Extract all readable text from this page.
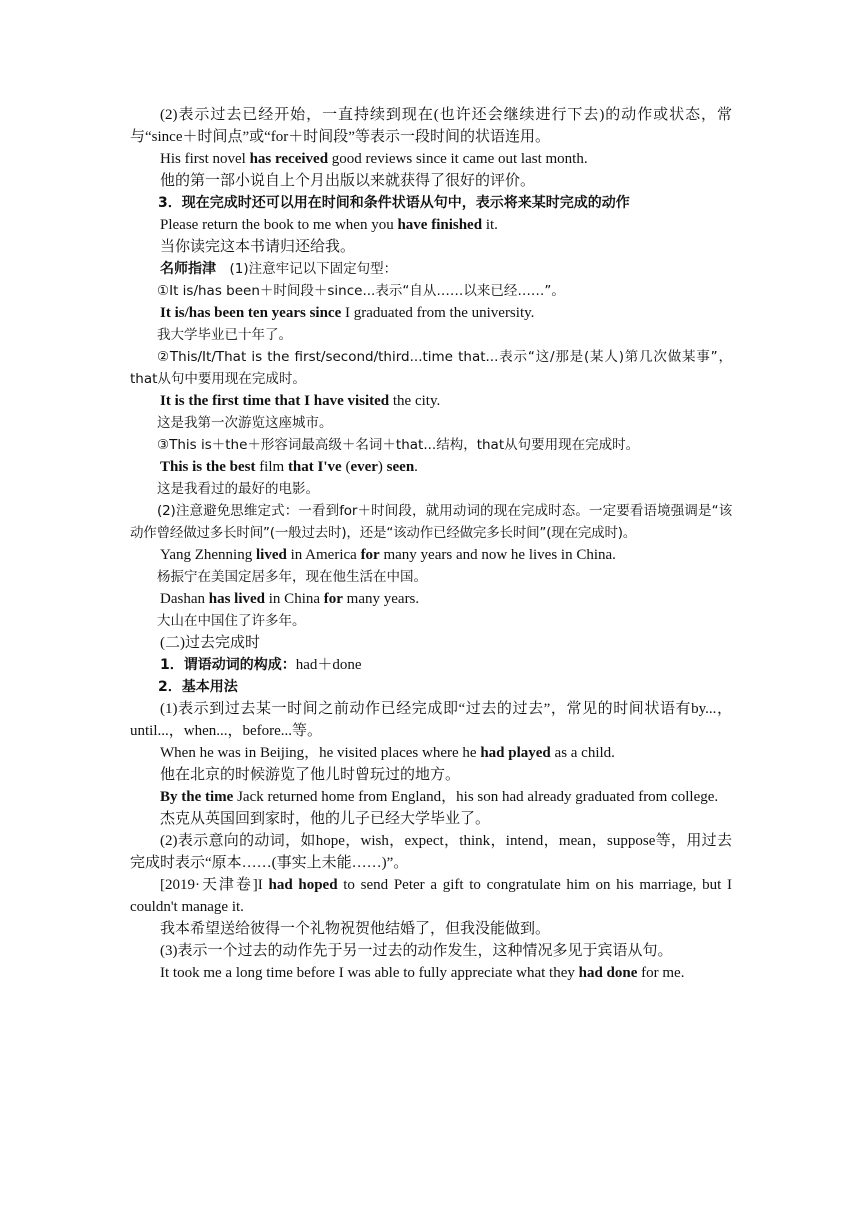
(2)表示过去已经开始，一直持续到现在(也许还会继续进行下去)的动作或状态，常与“since＋时间点”或“for＋时间段”等表示一段时间的状语连用。

His first novel has received good reviews since it came out last month.

他的第一部小说自上个月出版以来就获得了很好的评价。

3．现在完成时还可以用在时间和条件状语从句中，表示将来某时完成的动作

Please return the book to me when you have finished it.

当你读完这本书请归还给我。

名师指津　(1)注意牢记以下固定句型：

①It is/has been＋时间段＋since...表示“自从……以来已经……”。

It is/has been ten years since I graduated from the university.

我大学毕业已十年了。

②This/It/That is the first/second/third...time that...表示“这/那是(某人)第几次做某事”，that从句中要用现在完成时。

It is the first time that I have visited the city.

这是我第一次游览这座城市。

③This is＋the＋形容词最高级＋名词＋that...结构，that从句要用现在完成时。

This is the best film that I've (ever) seen.

这是我看过的最好的电影。

(2)注意避免思维定式：一看到for＋时间段，就用动词的现在完成时态。一定要看语境强调是“该动作曾经做过多长时间”(一般过去时)，还是“该动作已经做完多长时间”(现在完成时)。

Yang Zhenning lived in America for many years and now he lives in China.

杨振宁在美国定居多年，现在他生活在中国。

Dashan has lived in China for many years.

大山在中国住了许多年。

(二)过去完成时

1．谓语动词的构成：had＋done

2．基本用法

(1)表示到过去某一时间之前动作已经完成即“过去的过去”，常见的时间状语有by...，until...，when...，before...等。

When he was in Beijing，he visited places where he had played as a child.

他在北京的时候游览了他儿时曾玩过的地方。

By the time Jack returned home from England，his son had already graduated from college.

杰克从英国回到家时，他的儿子已经大学毕业了。

(2)表示意向的动词，如hope，wish，expect，think，intend，mean，suppose等，用过去完成时表示“原本……(事实上未能……)”。

[2019·天津卷]I had hoped to send Peter a gift to congratulate him on his marriage, but I couldn't manage it.

我本希望送给彼得一个礼物祝贺他结婚了，但我没能做到。

(3)表示一个过去的动作先于另一过去的动作发生，这种情况多见于宾语从句。

It took me a long time before I was able to fully appreciate what they had done for me.
